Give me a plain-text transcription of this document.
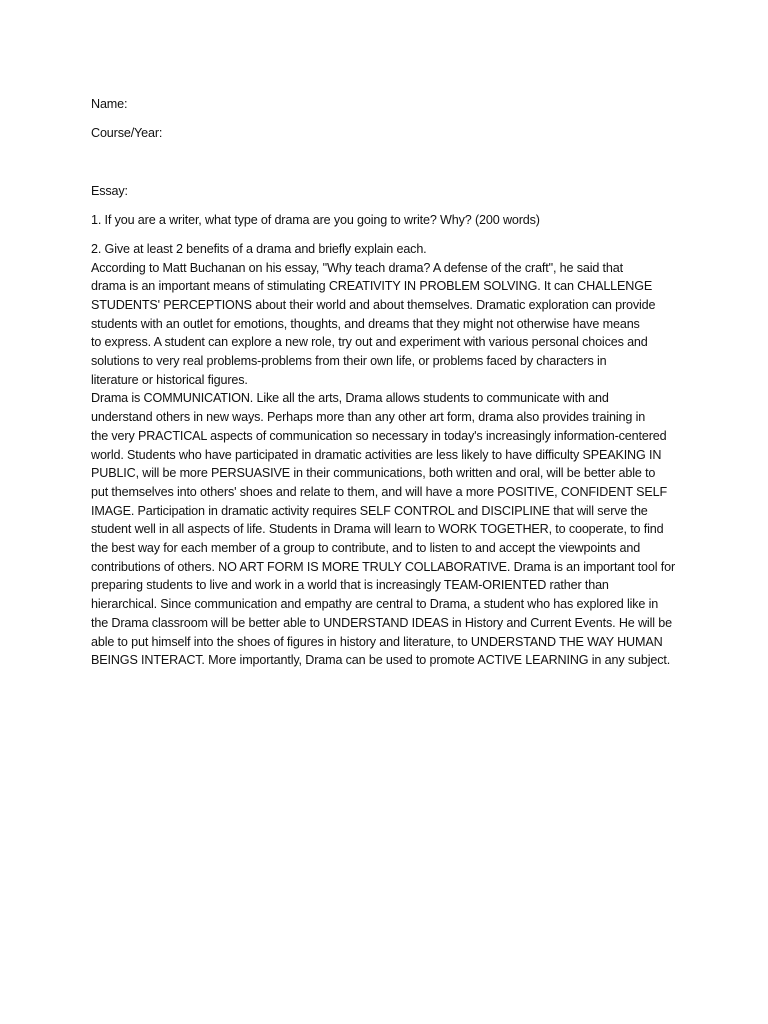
Name:

Course/Year:

Essay:

1. If you are a writer, what type of drama are you going to write? Why? (200 words)

2. Give at least 2 benefits of a drama and briefly explain each.

According to Matt Buchanan on his essay, "Why teach drama? A defense of the craft", he said that

drama is an important means of stimulating CREATIVITY IN PROBLEM SOLVING. It can CHALLENGE

STUDENTS' PERCEPTIONS about their world and about themselves. Dramatic exploration can provide

students with an outlet for emotions, thoughts, and dreams that they might not otherwise have means

to express. A student can explore a new role, try out and experiment with various personal choices and

solutions to very real problems-problems from their own life, or problems faced by characters in

literature or historical figures.

Drama is COMMUNICATION. Like all the arts, Drama allows students to communicate with and

understand others in new ways. Perhaps more than any other art form, drama also provides training in

the very PRACTICAL aspects of communication so necessary in today's increasingly information-centered

world. Students who have participated in dramatic activities are less likely to have difficulty SPEAKING IN

PUBLIC, will be more PERSUASIVE in their communications, both written and oral, will be better able to

put themselves into others' shoes and relate to them, and will have a more POSITIVE, CONFIDENT SELF

IMAGE. Participation in dramatic activity requires SELF CONTROL and DISCIPLINE that will serve the

student well in all aspects of life. Students in Drama will learn to WORK TOGETHER, to cooperate, to find

the best way for each member of a group to contribute, and to listen to and accept the viewpoints and

contributions of others. NO ART FORM IS MORE TRULY COLLABORATIVE. Drama is an important tool for

preparing students to live and work in a world that is increasingly TEAM-ORIENTED rather than

hierarchical. Since communication and empathy are central to Drama, a student who has explored like in

the Drama classroom will be better able to UNDERSTAND IDEAS in History and Current Events. He will be

able to put himself into the shoes of figures in history and literature, to UNDERSTAND THE WAY HUMAN

BEINGS INTERACT. More importantly, Drama can be used to promote ACTIVE LEARNING in any subject.
